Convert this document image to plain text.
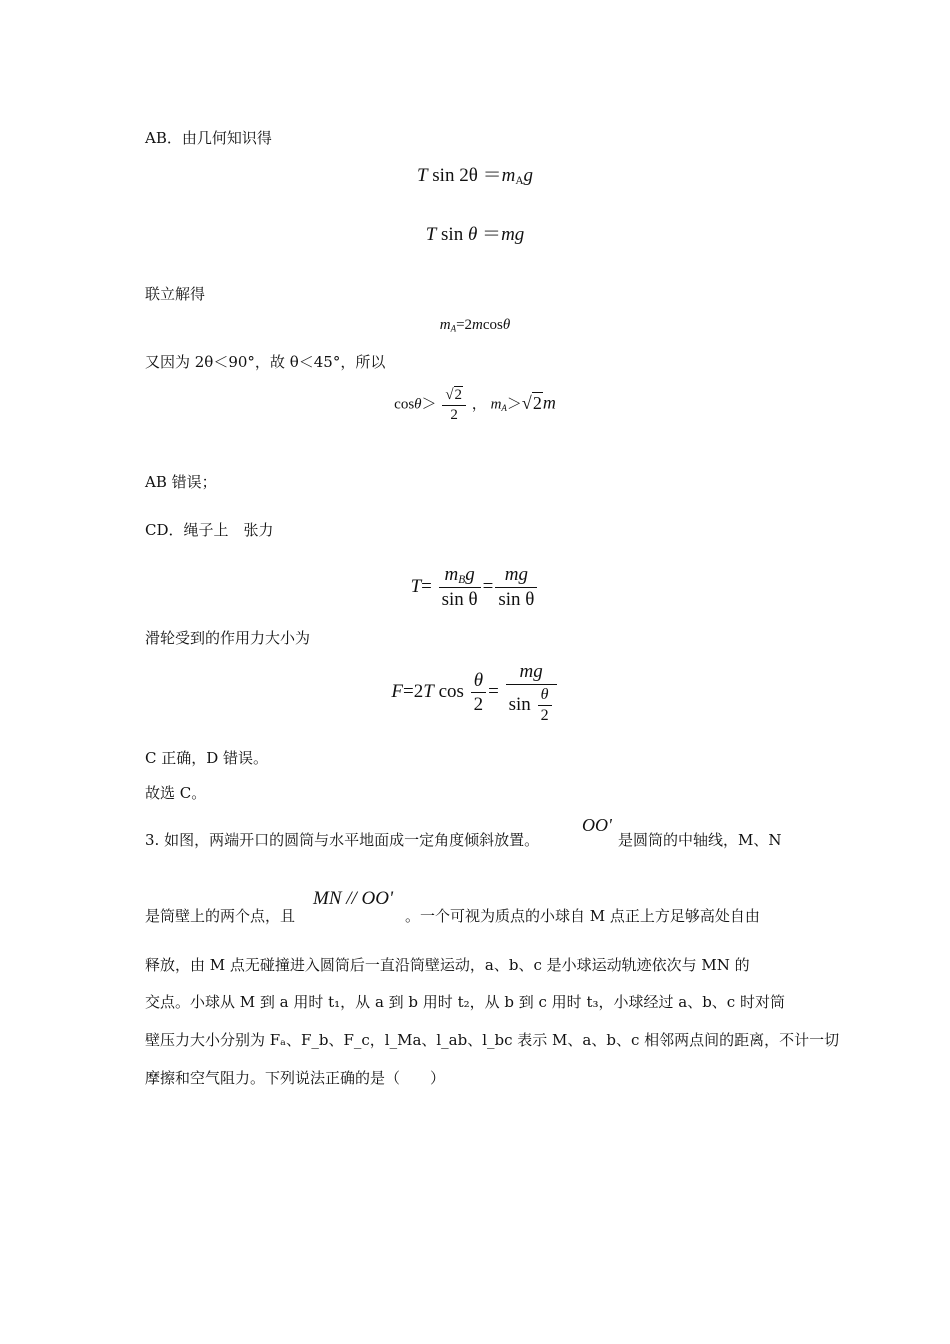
AB．由几何知识得
T $\sin 2\theta =m_Ag$
T sin θ ＝mg
联立解得
$m_A=2mcos\theta$
又因为 2θ＜90°，故 θ＜45°，所以
$\cos\theta> \frac{√2}{2}$ ， $m_A>√2m$
AB 错误；
CD．绳子上　张力
$T= \frac{m_Bg}{\text{sin θ}} = \frac{mg}{\text{sin θ}}$
滑轮受到的作用力大小为
F=2T $\cos \frac{\theta}{2} = \frac{mg}{\sin \frac{\theta}{2}}$
C 正确，D 错误。
故选 C。
3. 如图，两端开口的圆筒与水平地面成一定角度倾斜放置。
OO'
是圆筒的中轴线，M、N
是筒壁上的两个点，且
MN // OO'
。一个可视为质点的小球自 M 点正上方足够高处自由
释放，由 M 点无碰撞进入圆筒后一直沿筒壁运动，a、b、c 是小球运动轨迹依次与 MN 的
交点。小球从 M 到 a 用时 t₁，从 a 到 b 用时 t₂，从 b 到 c 用时 t₃，小球经过 a、b、c 时对筒
壁压力大小分别为 Fₐ、F_b、F_c，l_Ma、l_ab、l_bc 表示 M、a、b、c 相邻两点间的距离，不计一切
摩擦和空气阻力。下列说法正确的是（　　）
